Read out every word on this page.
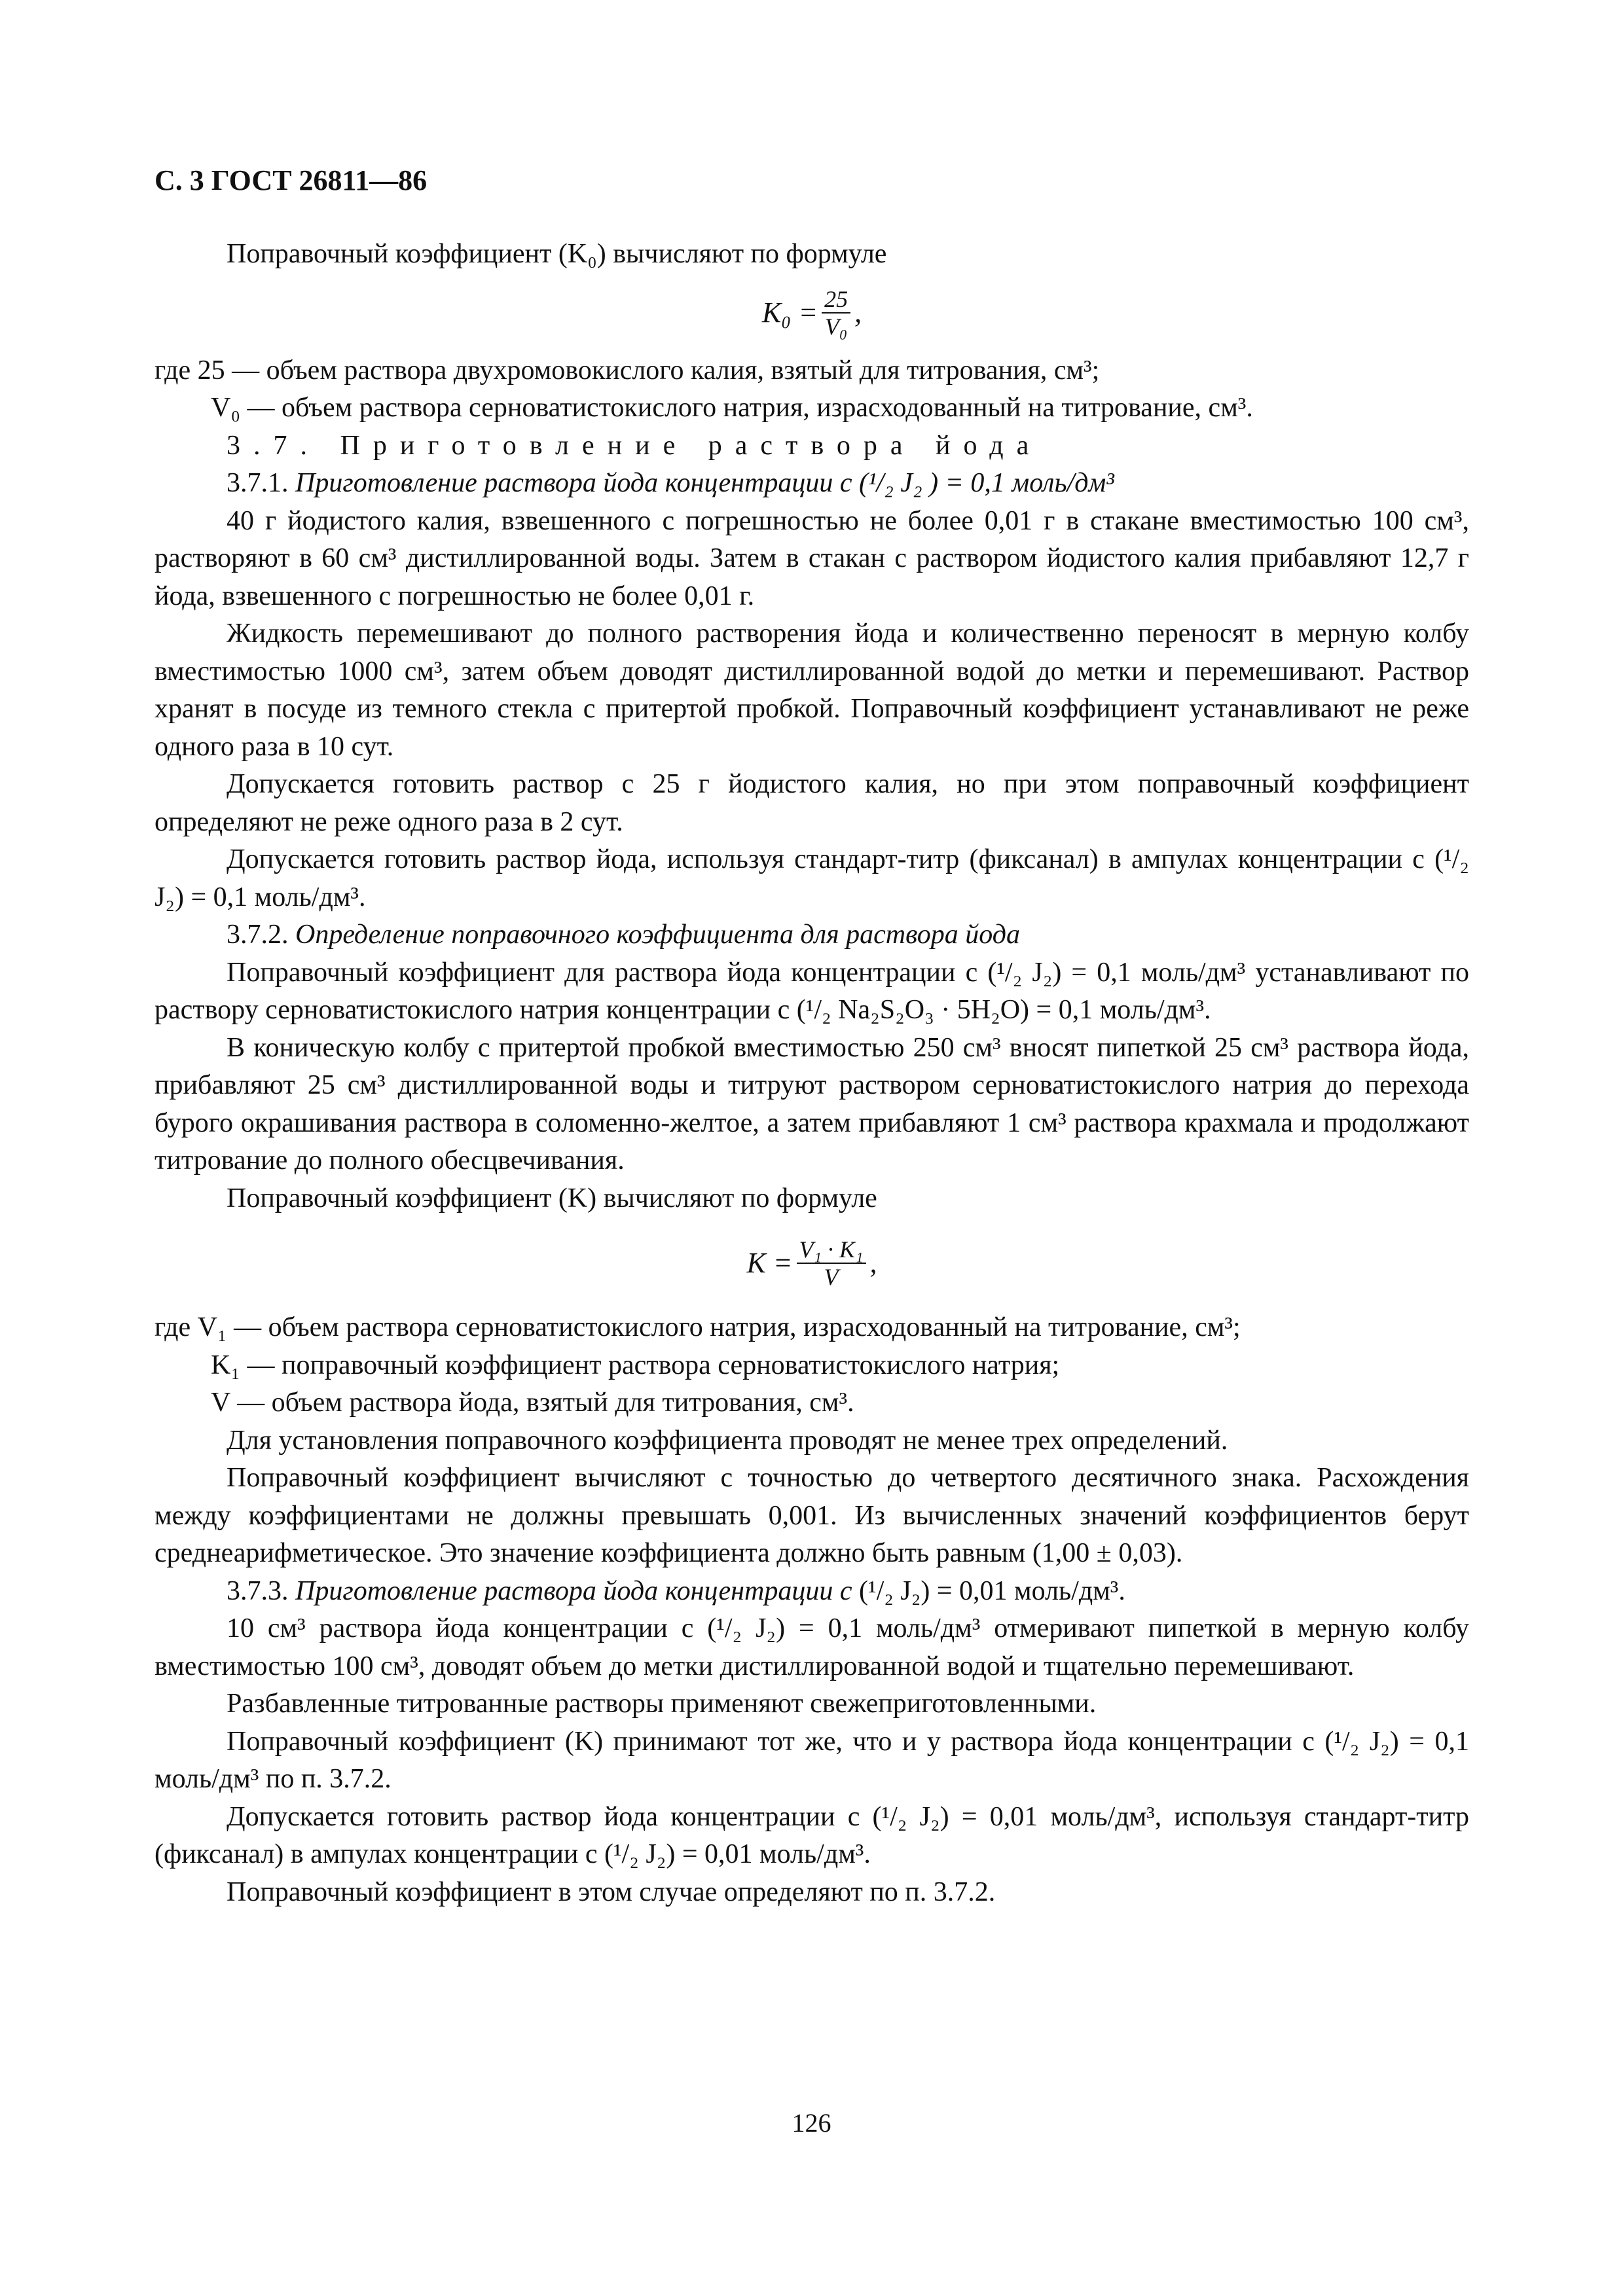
С. 3 ГОСТ 26811—86

Поправочный коэффициент (K₀) вычисляют по формуле

$K_0 = \frac{25}{\text{V₀}}$ ,

где 25 — объем раствора двухромовокислого калия, взятый для титрования, см³;

V₀ — объем раствора серноватистокислого натрия, израсходованный на титрование, см³.

3.7. Приготовление раствора йода

3.7.1. Приготовление раствора йода концентрации c (¹/₂ J₂ ) = 0,1 моль/дм³

40 г йодистого калия, взвешенного с погрешностью не более 0,01 г в стакане вместимостью 100 см³, растворяют в 60 см³ дистиллированной воды. Затем в стакан с раствором йодистого калия прибавляют 12,7 г йода, взвешенного с погрешностью не более 0,01 г.

Жидкость перемешивают до полного растворения йода и количественно переносят в мерную колбу вместимостью 1000 см³, затем объем доводят дистиллированной водой до метки и перемешивают. Раствор хранят в посуде из темного стекла с притертой пробкой. Поправочный коэффициент устанавливают не реже одного раза в 10 сут.

Допускается готовить раствор с 25 г йодистого калия, но при этом поправочный коэффициент определяют не реже одного раза в 2 сут.

Допускается готовить раствор йода, используя стандарт-титр (фиксанал) в ампулах концентрации c (¹/₂ J₂) = 0,1 моль/дм³.

3.7.2. Определение поправочного коэффициента для раствора йода

Поправочный коэффициент для раствора йода концентрации c (¹/₂ J₂) = 0,1 моль/дм³ устанавливают по раствору серноватистокислого натрия концентрации c (¹/₂ Na₂S₂O₃ · 5H₂O) = 0,1 моль/дм³.

В коническую колбу с притертой пробкой вместимостью 250 см³ вносят пипеткой 25 см³ раствора йода, прибавляют 25 см³ дистиллированной воды и титруют раствором серноватистокислого натрия до перехода бурого окрашивания раствора в соломенно-желтое, а затем прибавляют 1 см³ раствора крахмала и продолжают титрование до полного обесцвечивания.

Поправочный коэффициент (K) вычисляют по формуле

$K = \frac{\text{V₁ · K₁}}{V}$ ,

где V₁ — объем раствора серноватистокислого натрия, израсходованный на титрование, см³;

K₁ — поправочный коэффициент раствора серноватистокислого натрия;

V — объем раствора йода, взятый для титрования, см³.

Для установления поправочного коэффициента проводят не менее трех определений.

Поправочный коэффициент вычисляют с точностью до четвертого десятичного знака. Расхождения между коэффициентами не должны превышать 0,001. Из вычисленных значений коэффициентов берут среднеарифметическое. Это значение коэффициента должно быть равным (1,00 ± 0,03).

3.7.3. Приготовление раствора йода концентрации c (¹/₂ J₂) = 0,01 моль/дм³.

10 см³ раствора йода концентрации c (¹/₂ J₂) = 0,1 моль/дм³ отмеривают пипеткой в мерную колбу вместимостью 100 см³, доводят объем до метки дистиллированной водой и тщательно перемешивают.

Разбавленные титрованные растворы применяют свежеприготовленными.

Поправочный коэффициент (K) принимают тот же, что и у раствора йода концентрации c (¹/₂ J₂) = 0,1 моль/дм³ по п. 3.7.2.

Допускается готовить раствор йода концентрации c (¹/₂ J₂) = 0,01 моль/дм³, используя стандарт-титр (фиксанал) в ампулах концентрации c (¹/₂ J₂) = 0,01 моль/дм³.

Поправочный коэффициент в этом случае определяют по п. 3.7.2.

126
